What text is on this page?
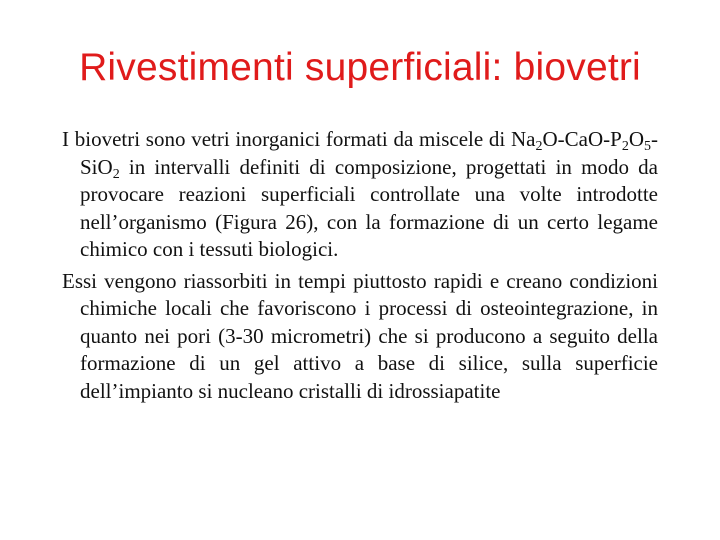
Rivestimenti superficiali: biovetri

I biovetri sono vetri inorganici formati da miscele di $Na_2O-CaO-P_2O_5-SiO_2$ in intervalli definiti di composizione, progettati in modo da provocare reazioni superficiali controllate una volte introdotte nell’organismo (Figura 26), con la formazione di un certo legame chimico con i tessuti biologici.

Essi vengono riassorbiti in tempi piuttosto rapidi e creano condizioni chimiche locali che favoriscono i processi di osteointegrazione, in quanto nei pori (3-30 micrometri) che si producono a seguito della formazione di un gel attivo a base di silice, sulla superficie dell’impianto si nucleano cristalli di idrossiapatite
